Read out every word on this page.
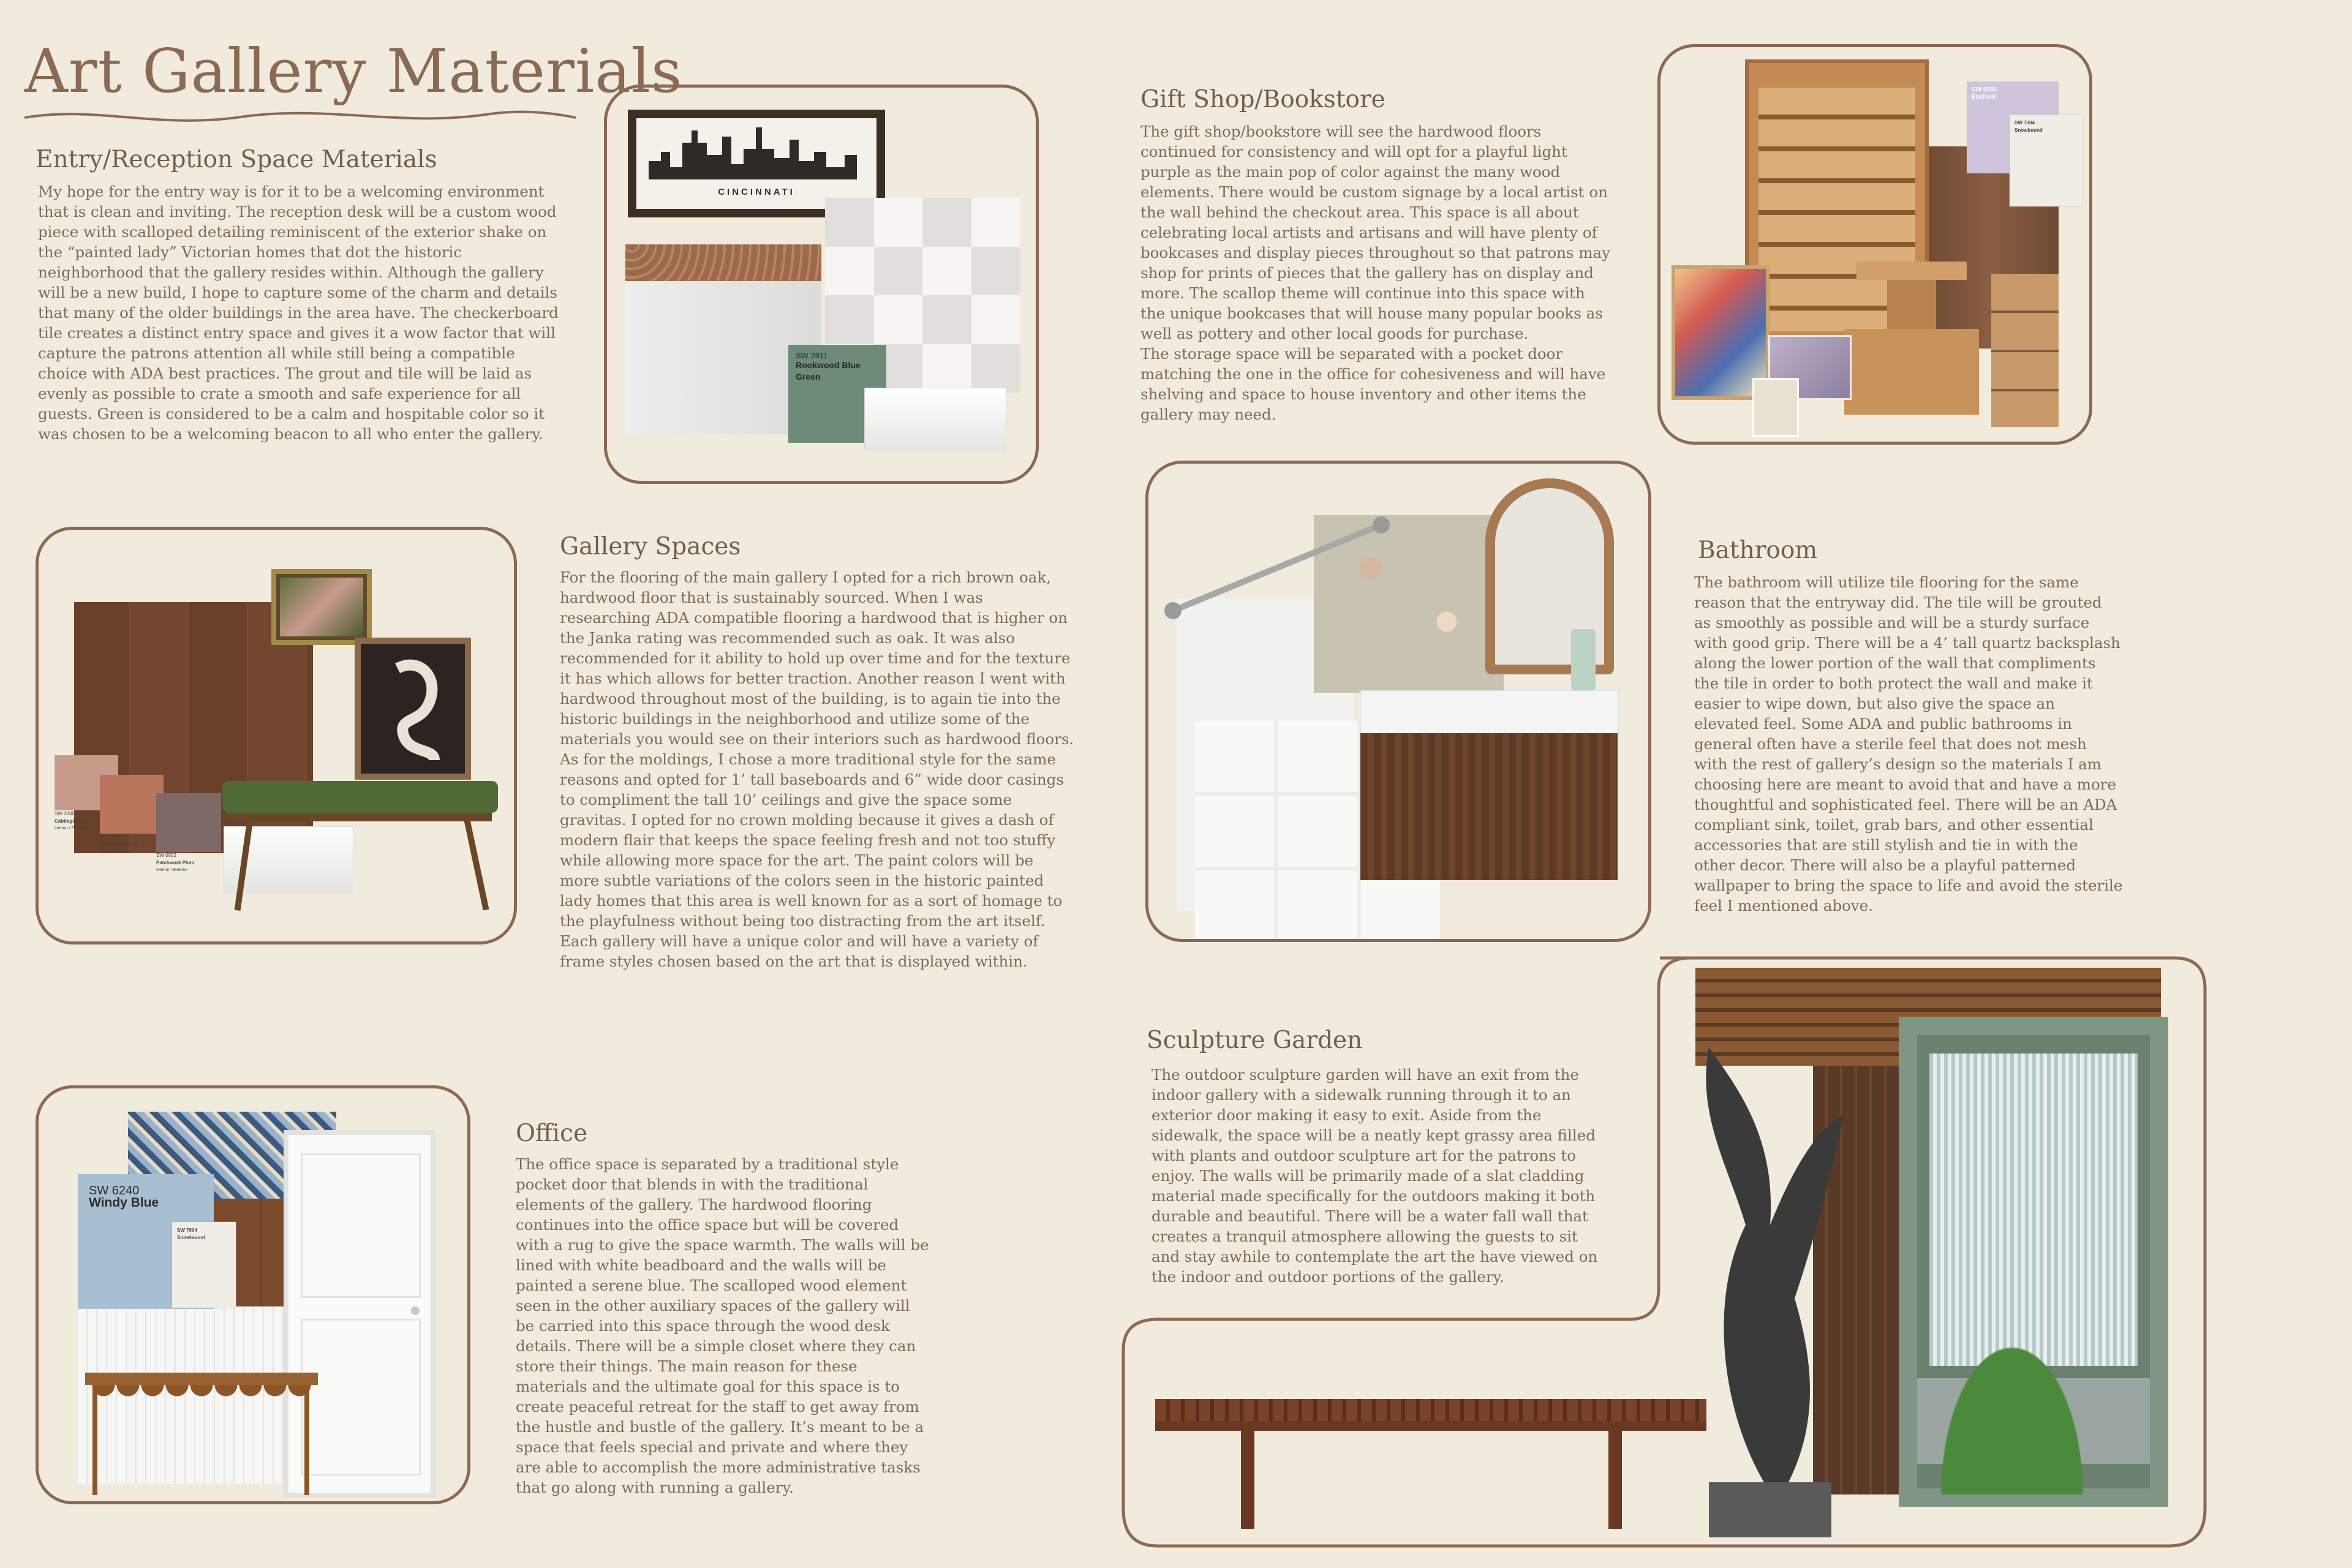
Art Gallery Materials
Entry/Reception Space Materials

My hope for the entry way is for it to be a welcoming environment that is clean and inviting. The reception desk will be a custom wood piece with scalloped detailing reminiscent of the exterior shake on the “painted lady” Victorian homes that dot the historic neighborhood that the gallery resides within. Although the gallery will be a new build, I hope to capture some of the charm and details that many of the older buildings in the area have. The checkerboard tile creates a distinct entry space and gives it a wow factor that will capture the patrons attention all while still being a compatible choice with ADA best practices. The grout and tile will be laid as evenly as possible to crate a smooth and safe experience for all guests. Green is considered to be a calm and hospitable color so it was chosen to be a welcoming beacon to all who enter the gallery.

CINCINNATI
SW 2811
Rookwood Blue Green
Gift Shop/Bookstore

The gift shop/bookstore will see the hardwood floors continued for consistency and will opt for a playful light purple as the main pop of color against the many wood elements. There would be custom signage by a local artist on the wall behind the checkout area. This space is all about celebrating local artists and artisans and will have plenty of bookcases and display pieces throughout so that patrons may shop for prints of pieces that the gallery has on display and more. The scallop theme will continue into this space with the unique bookcases that will house many popular books as well as pottery and other local goods for purchase.
The storage space will be separated with a pocket door matching the one in the office for cohesiveness and will have shelving and space to house inventory and other items the gallery may need.

SW 6555
Enchant
SW 7004
Snowbound
SW 0000
Cabbage Rose
Interior / Exterior
SW 0037
Decorous Amber
Interior / Exterior
SW 0002
Patchwork Plum
Interior / Exterior
Gallery Spaces

For the flooring of the main gallery I opted for a rich brown oak, hardwood floor that is sustainably sourced. When I was researching ADA compatible flooring a hardwood that is higher on the Janka rating was recommended such as oak. It was also recommended for it ability to hold up over time and for the texture it has which allows for better traction. Another reason I went with hardwood throughout most of the building, is to again tie into the historic buildings in the neighborhood and utilize some of the materials you would see on their interiors such as hardwood floors. As for the moldings, I chose a more traditional style for the same reasons and opted for 1’ tall baseboards and 6” wide door casings to compliment the tall 10’ ceilings and give the space some gravitas. I opted for no crown molding because it gives a dash of modern flair that keeps the space feeling fresh and not too stuffy while allowing more space for the art. The paint colors will be more subtle variations of the colors seen in the historic painted lady homes that this area is well known for as a sort of homage to the playfulness without being too distracting from the art itself. Each gallery will have a unique color and will have a variety of frame styles chosen based on the art that is displayed within.

Bathroom

The bathroom will utilize tile flooring for the same reason that the entryway did. The tile will be grouted as smoothly as possible and will be a sturdy surface with good grip. There will be a 4’ tall quartz backsplash along the lower portion of the wall that compliments the tile in order to both protect the wall and make it easier to wipe down, but also give the space an elevated feel. Some ADA and public bathrooms in general often have a sterile feel that does not mesh with the rest of gallery’s design so the materials I am choosing here are meant to avoid that and have a more thoughtful and sophisticated feel. There will be an ADA compliant sink, toilet, grab bars, and other essential accessories that are still stylish and tie in with the other decor. There will also be a playful patterned wallpaper to bring the space to life and avoid the sterile feel I mentioned above.

SW 6240
Windy Blue
SW 7004
Snowbound
Office

The office space is separated by a traditional style pocket door that blends in with the traditional elements of the gallery. The hardwood flooring continues into the office space but will be covered with a rug to give the space warmth. The walls will be lined with white beadboard and the walls will be painted a serene blue. The scalloped wood element seen in the other auxiliary spaces of the gallery will be carried into this space through the wood desk details. There will be a simple closet where they can store their things. The main reason for these materials and the ultimate goal for this space is to create peaceful retreat for the staff to get away from the hustle and bustle of the gallery. It’s meant to be a space that feels special and private and where they are able to accomplish the more administrative tasks that go along with running a gallery.

Sculpture Garden

The outdoor sculpture garden will have an exit from the indoor gallery with a sidewalk running through it to an exterior door making it easy to exit. Aside from the sidewalk, the space will be a neatly kept grassy area filled with plants and outdoor sculpture art for the patrons to enjoy. The walls will be primarily made of a slat cladding material made specifically for the outdoors making it both durable and beautiful. There will be a water fall wall that creates a tranquil atmosphere allowing the guests to sit and stay awhile to contemplate the art the have viewed on the indoor and outdoor portions of the gallery.
